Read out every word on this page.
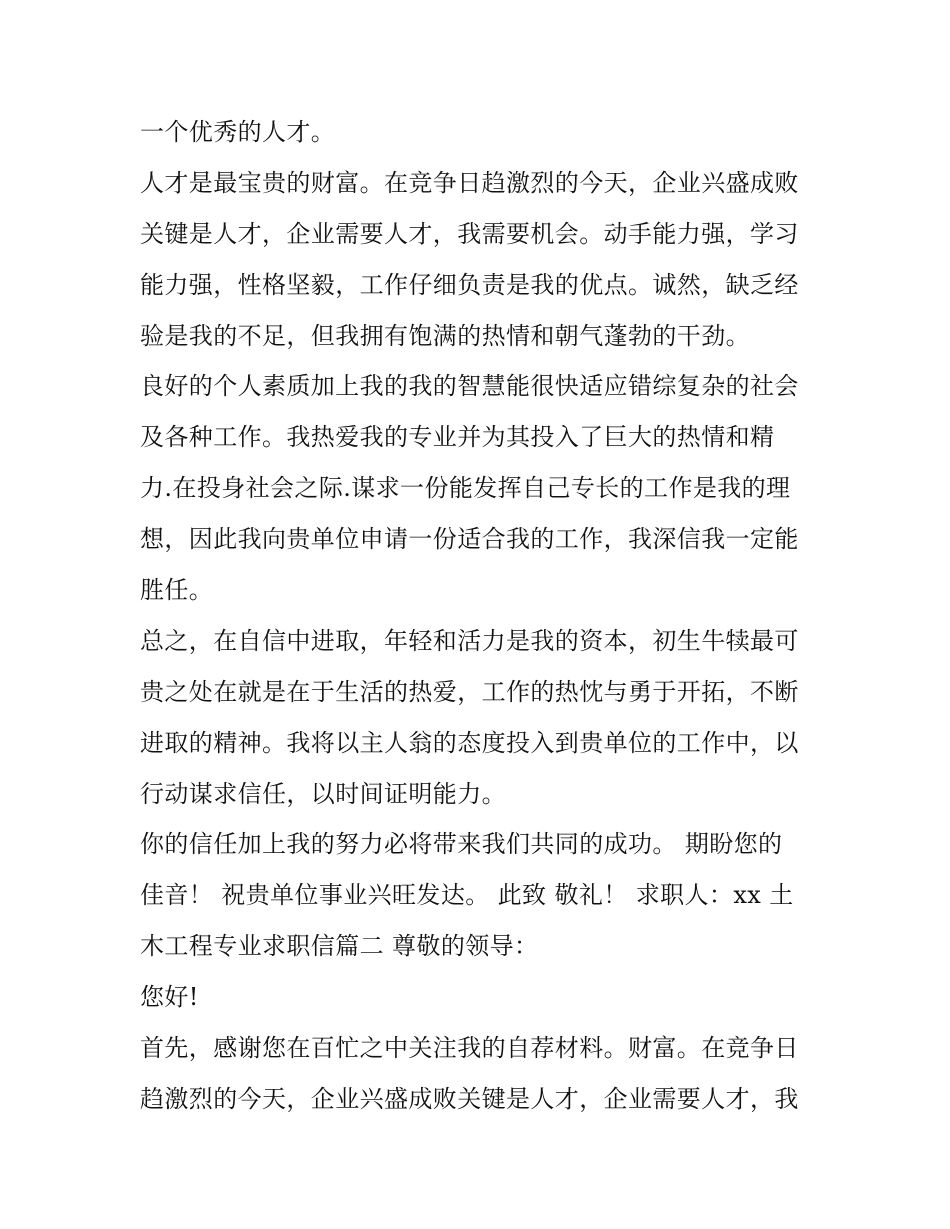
一个优秀的人才。
人才是最宝贵的财富。在竞争日趋激烈的今天，企业兴盛成败
关键是人才，企业需要人才，我需要机会。动手能力强，学习
能力强，性格坚毅，工作仔细负责是我的优点。诚然，缺乏经
验是我的不足，但我拥有饱满的热情和朝气蓬勃的干劲。
良好的个人素质加上我的我的智慧能很快适应错综复杂的社会
及各种工作。我热爱我的专业并为其投入了巨大的热情和精
力.在投身社会之际.谋求一份能发挥自己专长的工作是我的理
想，因此我向贵单位申请一份适合我的工作，我深信我一定能
胜任。
总之，在自信中进取，年轻和活力是我的资本，初生牛犊最可
贵之处在就是在于生活的热爱，工作的热忱与勇于开拓，不断
进取的精神。我将以主人翁的态度投入到贵单位的工作中，以
行动谋求信任，以时间证明能力。
你的信任加上我的努力必将带来我们共同的成功。 期盼您的
佳音！ 祝贵单位事业兴旺发达。 此致 敬礼！ 求职人：xx 土
木工程专业求职信篇二 尊敬的领导：
您好!
首先，感谢您在百忙之中关注我的自荐材料。财富。在竞争日
趋激烈的今天，企业兴盛成败关键是人才，企业需要人才，我
